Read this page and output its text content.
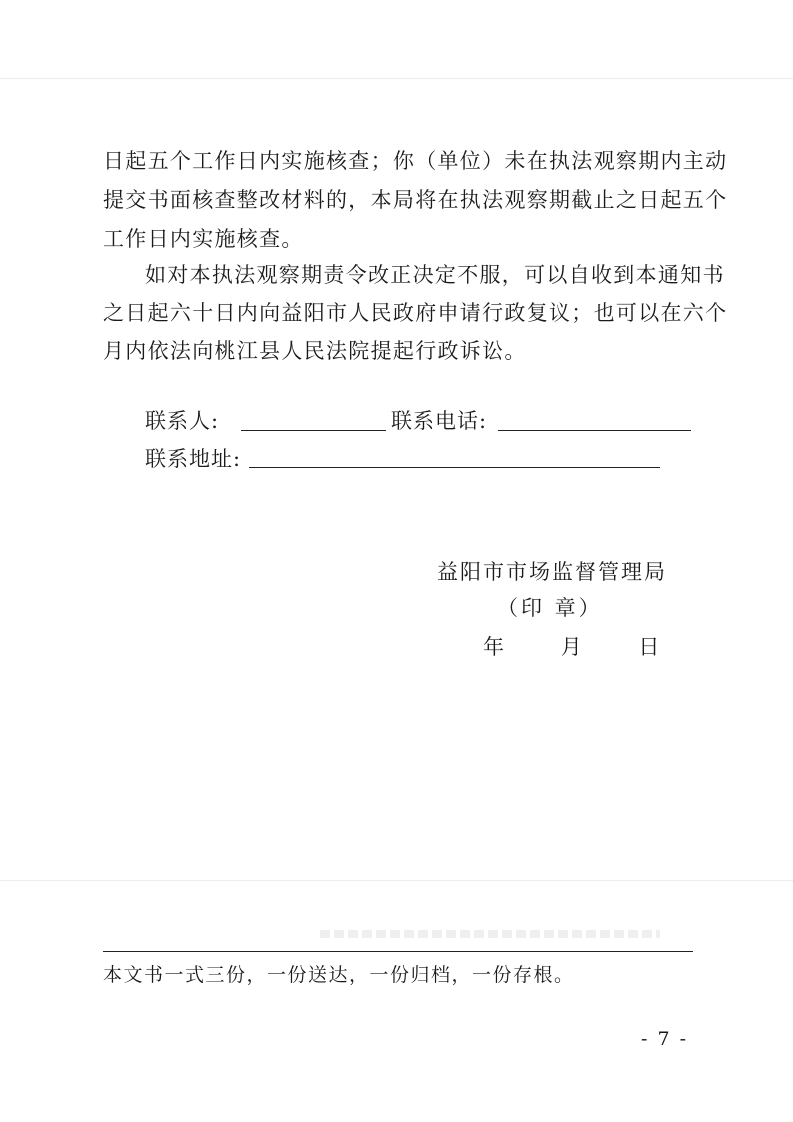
日起五个工作日内实施核查；你（单位）未在执法观察期内主动
提交书面核查整改材料的，本局将在执法观察期截止之日起五个
工作日内实施核查。
如对本执法观察期责令改正决定不服，可以自收到本通知书
之日起六十日内向益阳市人民政府申请行政复议；也可以在六个
月内依法向桃江县人民法院提起行政诉讼。
联系人:	联系电话:
联系地址:
益阳市市场监督管理局
（印 章）
年    月    日
本文书一式三份，一份送达，一份归档，一份存根。
- 7 -
